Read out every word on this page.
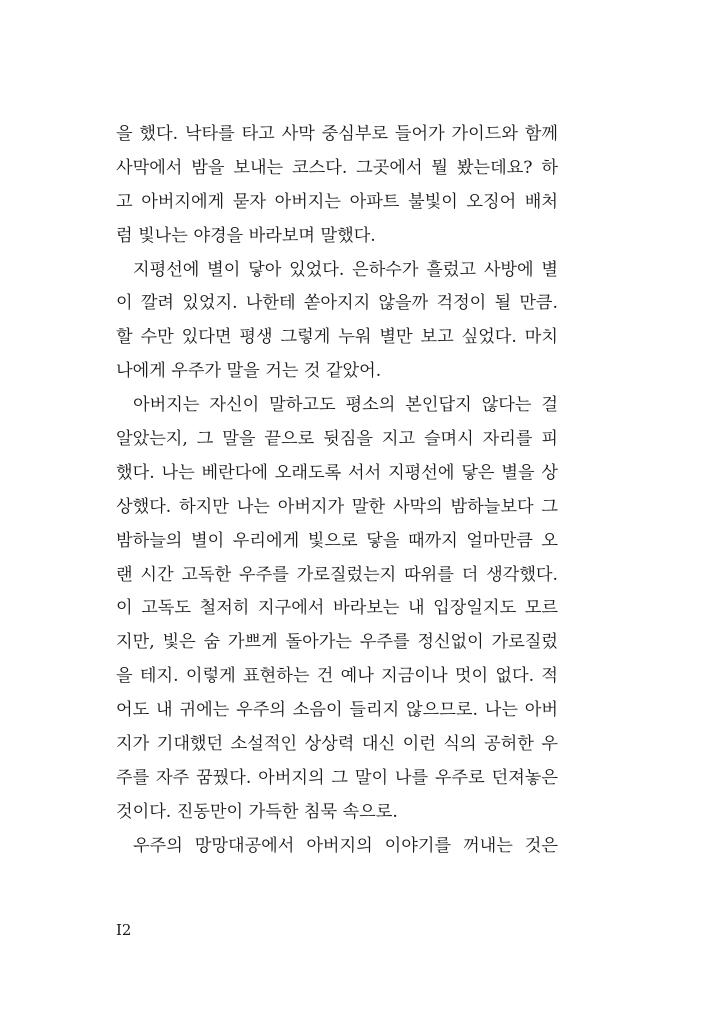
을 했다. 낙타를 타고 사막 중심부로 들어가 가이드와 함께
사막에서 밤을 보내는 코스다. 그곳에서 뭘 봤는데요? 하
고 아버지에게 묻자 아버지는 아파트 불빛이 오징어 배처
럼 빛나는 야경을 바라보며 말했다.
지평선에 별이 닿아 있었다. 은하수가 흘렀고 사방에 별
이 깔려 있었지. 나한테 쏟아지지 않을까 걱정이 될 만큼.
할 수만 있다면 평생 그렇게 누워 별만 보고 싶었다. 마치
나에게 우주가 말을 거는 것 같았어.
아버지는 자신이 말하고도 평소의 본인답지 않다는 걸
알았는지, 그 말을 끝으로 뒷짐을 지고 슬며시 자리를 피
했다. 나는 베란다에 오래도록 서서 지평선에 닿은 별을 상
상했다. 하지만 나는 아버지가 말한 사막의 밤하늘보다 그
밤하늘의 별이 우리에게 빛으로 닿을 때까지 얼마만큼 오
랜 시간 고독한 우주를 가로질렀는지 따위를 더 생각했다.
이 고독도 철저히 지구에서 바라보는 내 입장일지도 모르
지만, 빛은 숨 가쁘게 돌아가는 우주를 정신없이 가로질렀
을 테지. 이렇게 표현하는 건 예나 지금이나 멋이 없다. 적
어도 내 귀에는 우주의 소음이 들리지 않으므로. 나는 아버
지가 기대했던 소설적인 상상력 대신 이런 식의 공허한 우
주를 자주 꿈꿨다. 아버지의 그 말이 나를 우주로 던져놓은
것이다. 진동만이 가득한 침묵 속으로.
우주의 망망대공에서 아버지의 이야기를 꺼내는 것은
I2
